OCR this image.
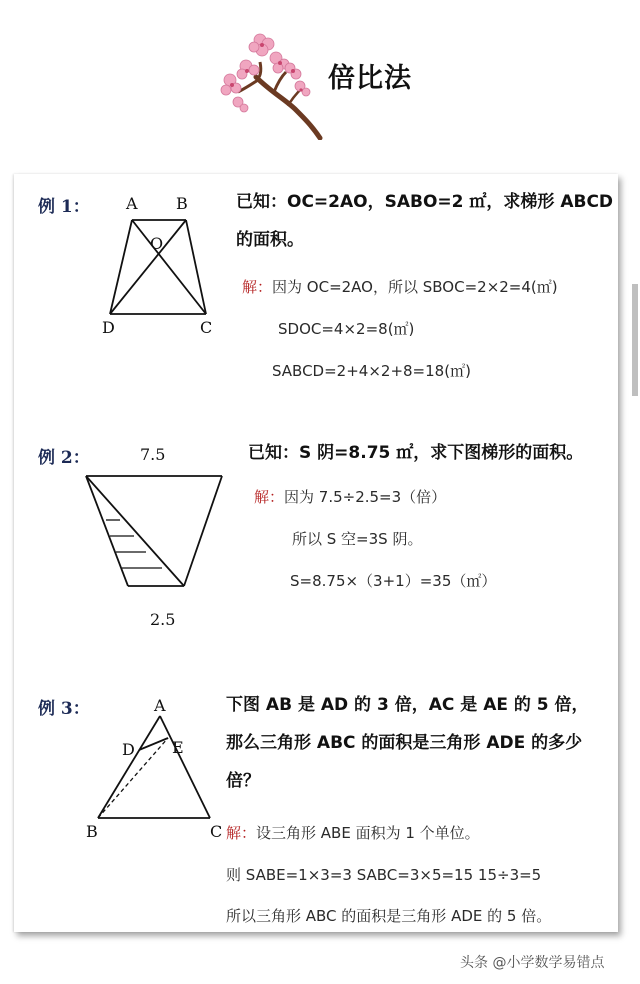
倍比法
例 1： A B
O
D	C
已知：OC=2AO，SABO=2 ㎡，求梯形 ABCD
的面积。
解：因为 OC=2AO，所以 SBOC=2×2=4(㎡)
SDOC=4×2=8(㎡)
SABCD=2+4×2+8=18(㎡)
例 2：	7.5
2.5
已知：S 阴=8.75 ㎡，求下图梯形的面积。
解：因为 7.5÷2.5=3（倍）
所以 S 空=3S 阴。
S=8.75×（3+1）=35（㎡）
例 3：	A
D E
B	C
下图 AB 是 AD 的 3 倍，AC 是 AE 的 5 倍，
那么三角形 ABC 的面积是三角形 ADE 的多少
倍？
解：设三角形 ABE 面积为 1 个单位。
则 SABE=1×3=3 SABC=3×5=15 15÷3=5
所以三角形 ABC 的面积是三角形 ADE 的 5 倍。
头条 @小学数学易错点
